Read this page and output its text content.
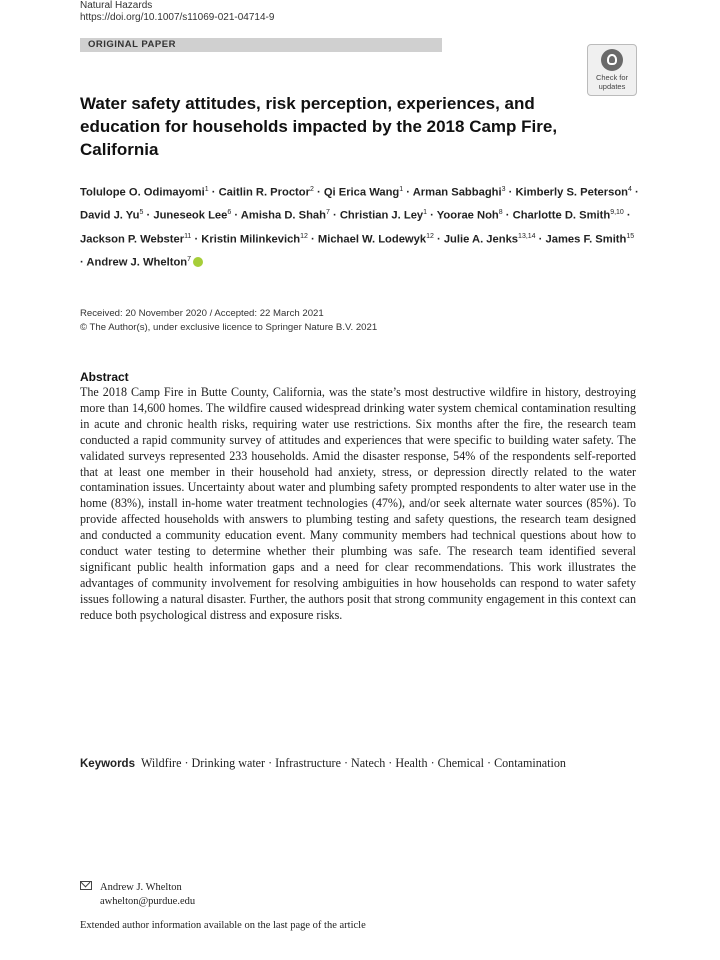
Natural Hazards
https://doi.org/10.1007/s11069-021-04714-9
ORIGINAL PAPER
Check for
updates
Water safety attitudes, risk perception, experiences, and education for households impacted by the 2018 Camp Fire, California
Tolulope O. Odimayomi$^1$ · Caitlin R. Proctor$^2$ · Qi Erica Wang$^1$ · Arman Sabbaghi$^3$ · Kimberly S. Peterson$^4$ · David J. $Yu^5$ · Juneseok Lee$^6$ · Amisha D. Shah$^7$ · Christian J. Ley$^1$ · Yoorae Noh$^8$ · Charlotte D. Smith$^{9,10}$ · Jackson P. Webster$^{11}$ · Kristin Milinkevich$^{12}$ · Michael W. Lodewyk$^{12}$ · Julie A. Jenks$^{13,14}$ · James F. Smith$^{15}$ · Andrew J. Whelton$^7$
Received: 20 November 2020 / Accepted: 22 March 2021
© The Author(s), under exclusive licence to Springer Nature B.V. 2021
Abstract

The 2018 Camp Fire in Butte County, California, was the state’s most destructive wildfire in history, destroying more than 14,600 homes. The wildfire caused widespread drinking water system chemical contamination resulting in acute and chronic health risks, requiring water use restrictions. Six months after the fire, the research team conducted a rapid community survey of attitudes and experiences that were specific to building water safety. The validated surveys represented 233 households. Amid the disaster response, 54% of the respondents self-reported that at least one member in their household had anxiety, stress, or depression directly related to the water contamination issues. Uncertainty about water and plumbing safety prompted respondents to alter water use in the home (83%), install in-home water treatment technologies (47%), and/or seek alternate water sources (85%). To provide affected households with answers to plumbing testing and safety questions, the research team designed and conducted a community education event. Many community members had technical questions about how to conduct water testing to determine whether their plumbing was safe. The research team identified several significant public health information gaps and a need for clear recommendations. This work illustrates the advantages of community involvement for resolving ambiguities in how households can respond to water safety issues following a natural disaster. Further, the authors posit that strong community engagement in this context can reduce both psychological distress and exposure risks.

Keywords Wildfire · Drinking water · Infrastructure · Natech · Health · Chemical · Contamination
Andrew J. Whelton
awhelton@purdue.edu
Extended author information available on the last page of the article
